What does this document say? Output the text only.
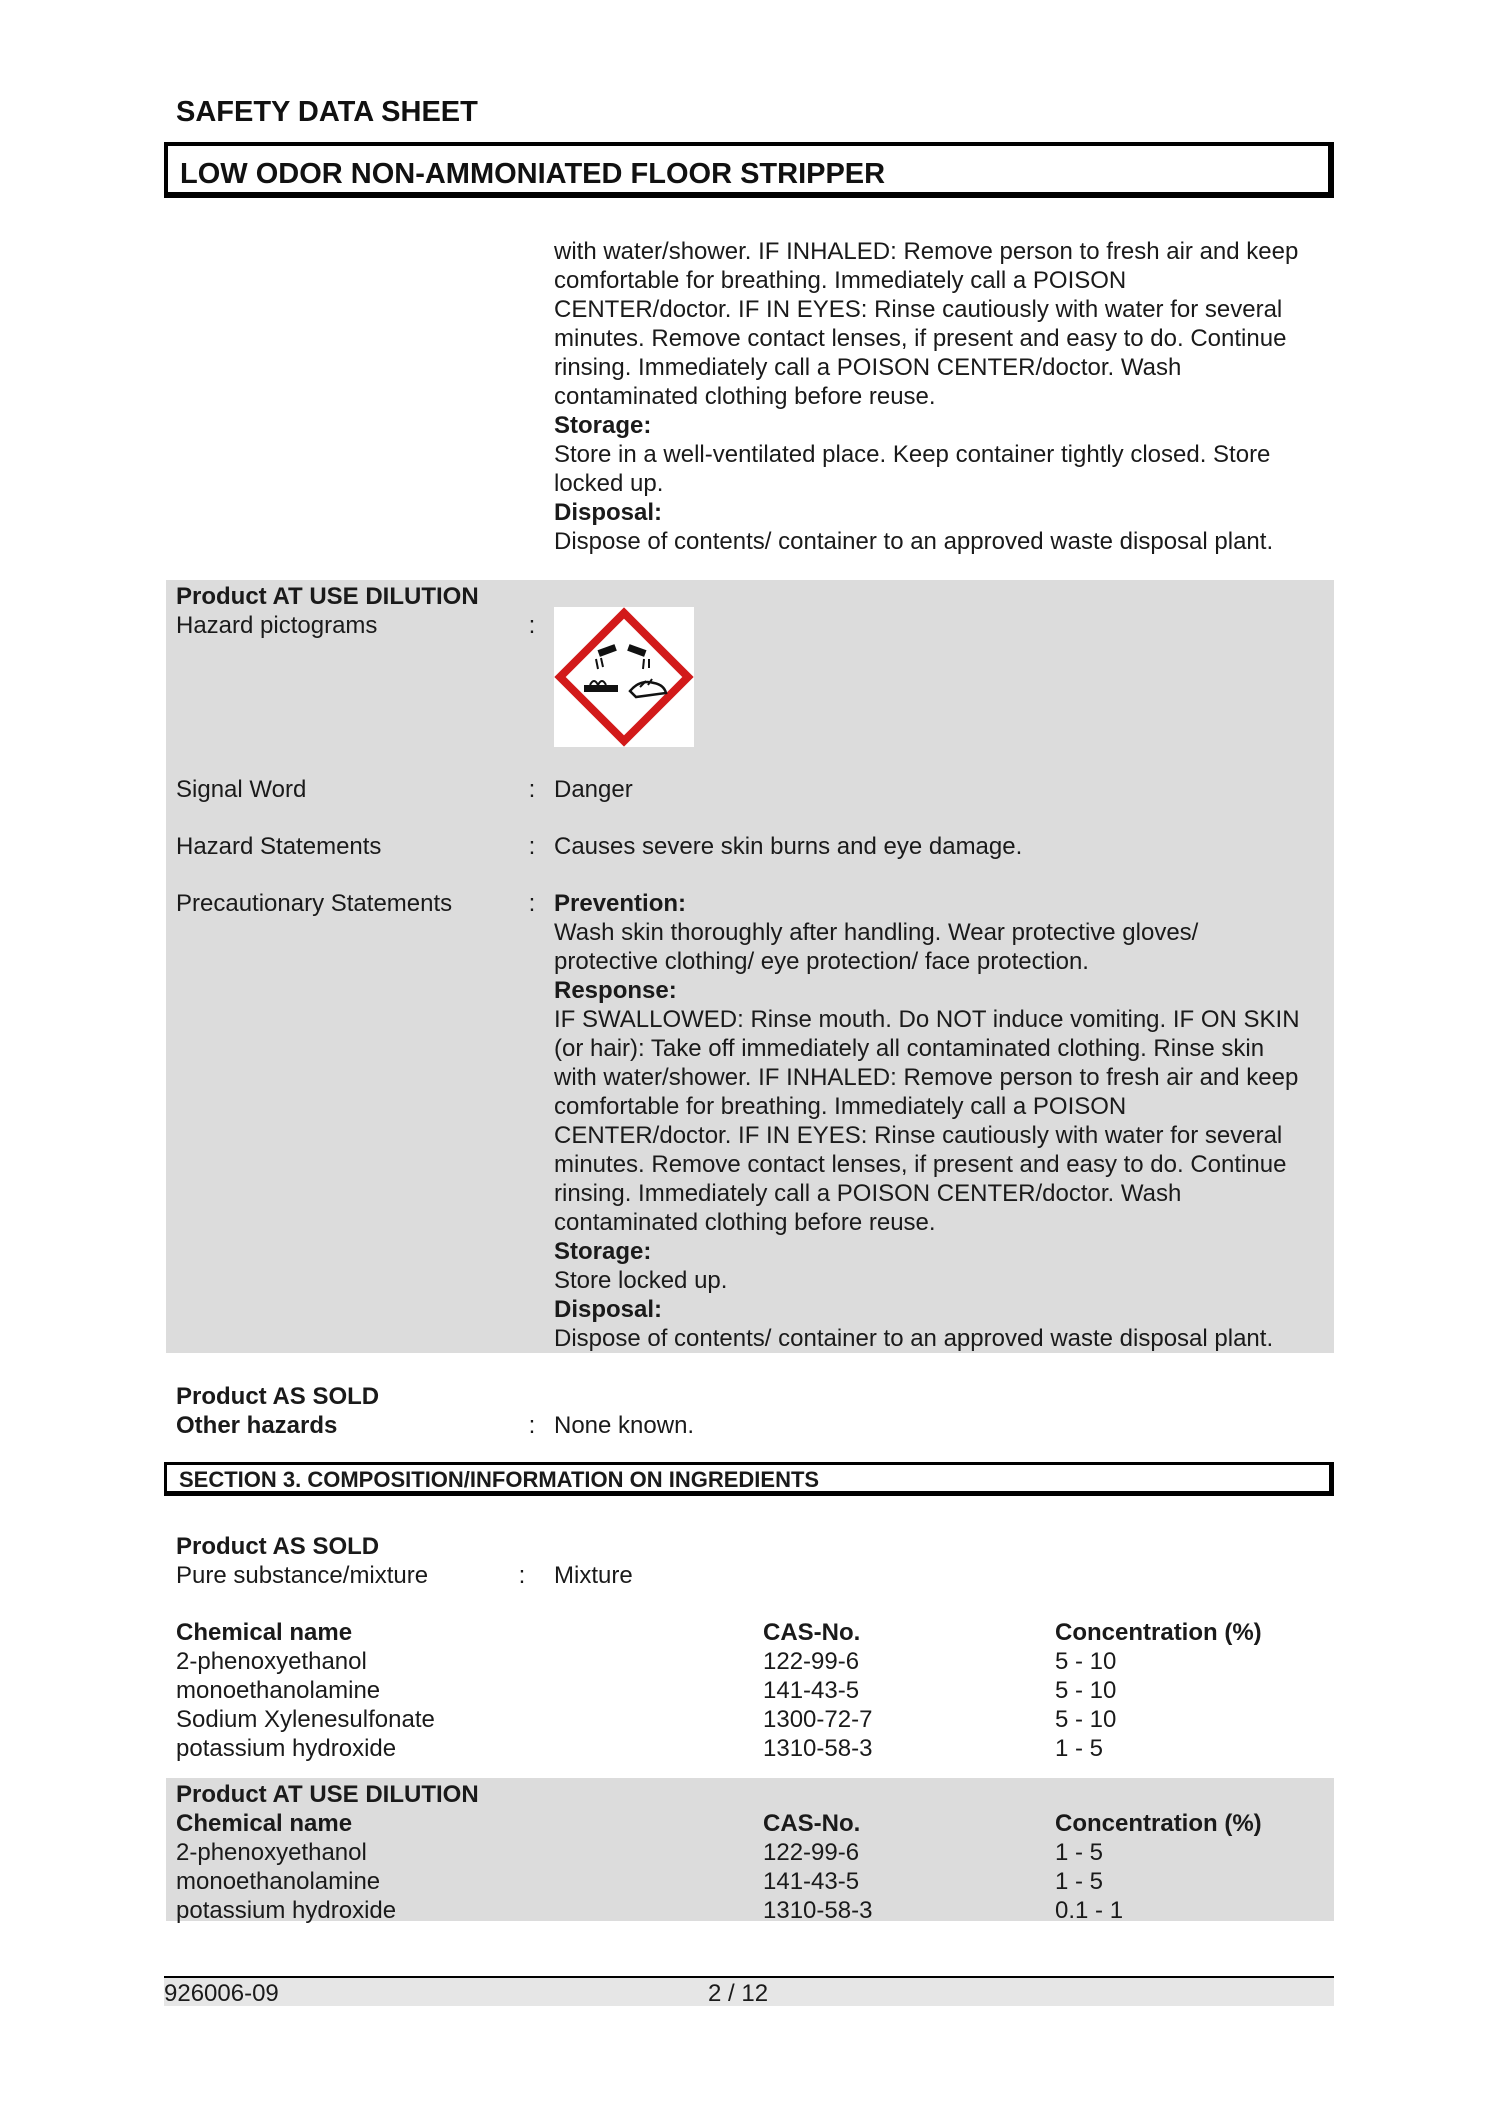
SAFETY DATA SHEET
LOW ODOR NON-AMMONIATED FLOOR STRIPPER
with water/shower. IF INHALED: Remove person to fresh air and keep
comfortable for breathing. Immediately call a POISON
CENTER/doctor. IF IN EYES: Rinse cautiously with water for several
minutes. Remove contact lenses, if present and easy to do. Continue
rinsing. Immediately call a POISON CENTER/doctor. Wash
contaminated clothing before reuse.
Storage:
Store in a well-ventilated place. Keep container tightly closed. Store
locked up.
Disposal:
Dispose of contents/ container to an approved waste disposal plant.
Product AT USE DILUTION
Hazard pictograms	:
Signal Word	: Danger
Hazard Statements	: Causes severe skin burns and eye damage.
Precautionary Statements	: Prevention:
Wash skin thoroughly after handling. Wear protective gloves/
protective clothing/ eye protection/ face protection.
Response:
IF SWALLOWED: Rinse mouth. Do NOT induce vomiting. IF ON SKIN
(or hair): Take off immediately all contaminated clothing. Rinse skin
with water/shower. IF INHALED: Remove person to fresh air and keep
comfortable for breathing. Immediately call a POISON
CENTER/doctor. IF IN EYES: Rinse cautiously with water for several
minutes. Remove contact lenses, if present and easy to do. Continue
rinsing. Immediately call a POISON CENTER/doctor. Wash
contaminated clothing before reuse.
Storage:
Store locked up.
Disposal:
Dispose of contents/ container to an approved waste disposal plant.
Product AS SOLD
Other hazards	: None known.
SECTION 3. COMPOSITION/INFORMATION ON INGREDIENTS
Product AS SOLD
Pure substance/mixture	: Mixture
Chemical name	CAS-No.	Concentration (%)
2-phenoxyethanol	122-99-6	5 - 10
monoethanolamine	141-43-5	5 - 10
Sodium Xylenesulfonate	1300-72-7	5 - 10
potassium hydroxide	1310-58-3	1 - 5
Product AT USE DILUTION
Chemical name	CAS-No.	Concentration (%)
2-phenoxyethanol	122-99-6	1 - 5
monoethanolamine	141-43-5	1 - 5
potassium hydroxide	1310-58-3	0.1 - 1
926006-09	2 / 12
